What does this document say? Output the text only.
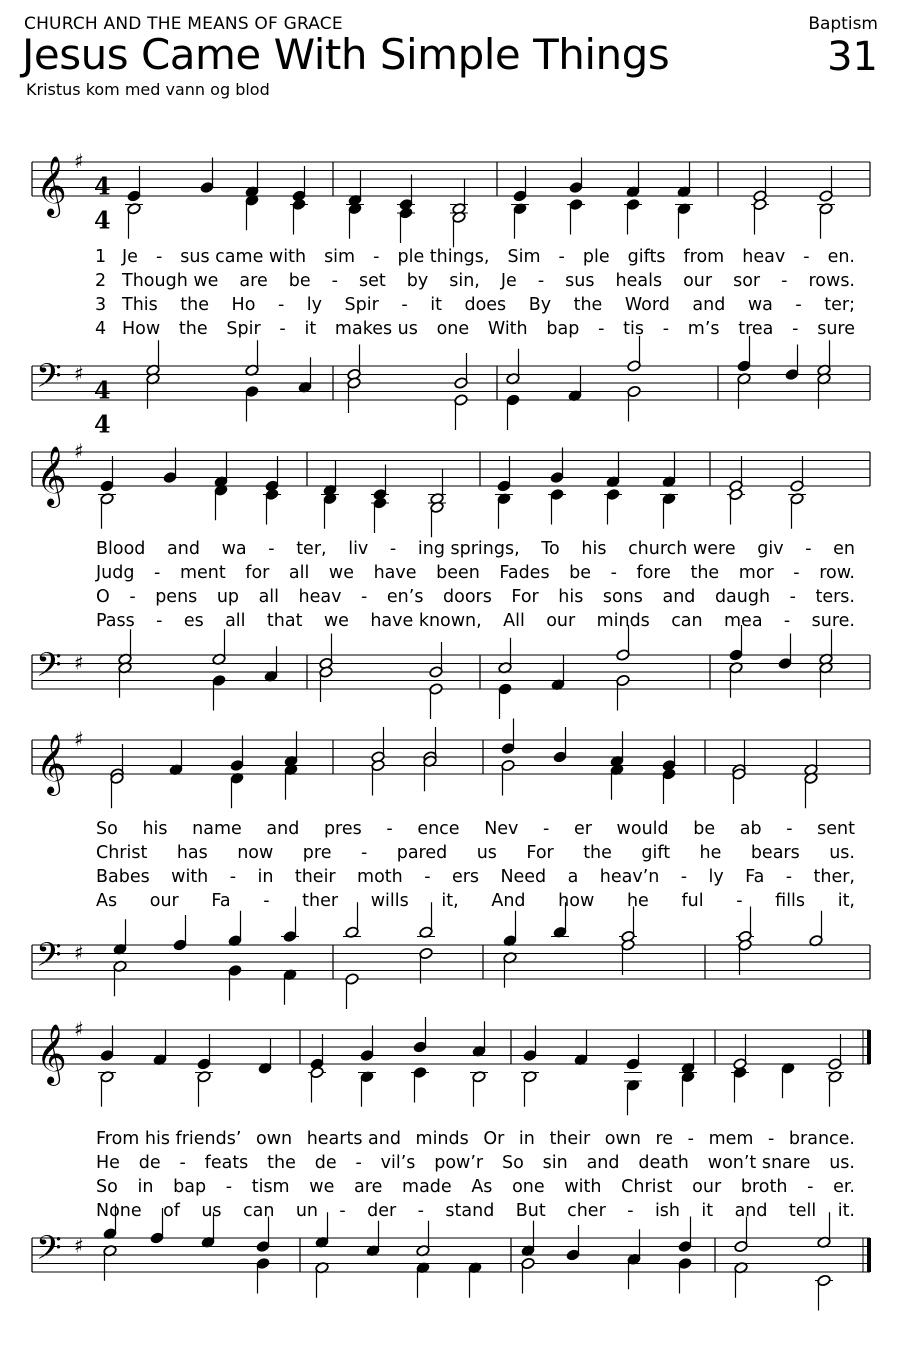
CHURCH AND THE MEANS OF GRACE
Jesus Came With Simple Things
Kristus kom med vann og blod
Baptism
31
𝄞
𝄢
♯
♯
4
4
4
4
1 Je - sus came with sim - ple things, Sim - ple gifts from heav - en.
2 Though we are be - set by sin, Je - sus heals our sor - rows.
3 This the Ho - ly Spir - it does By the Word and wa - ter;
4 How the Spir - it makes us one With bap - tis - m’s trea - sure
𝄞
𝄢
♯
♯
Blood and wa - ter, liv - ing springs, To his church were giv - en
Judg - ment for all we have been Fades be - fore the mor - row.
O - pens up all heav - en’s doors For his sons and daugh - ters.
Pass - es all that we have known, All our minds can mea - sure.
𝄞
𝄢
♯
♯
So his name and pres - ence Nev - er would be ab - sent
Christ has now pre - pared us For the gift he bears us.
Babes with - in their moth - ers Need a heav’n - ly Fa - ther,
As our Fa - ther wills it, And how he ful - fills it,
𝄞
𝄢
♯
♯
From his friends’ own hearts and minds Or in their own re - mem - brance.
He de - feats the de - vil’s pow’r So sin and death won’t snare us.
So in bap - tism we are made As one with Christ our broth - er.
None of us can un - der - stand But cher - ish it and tell it.
